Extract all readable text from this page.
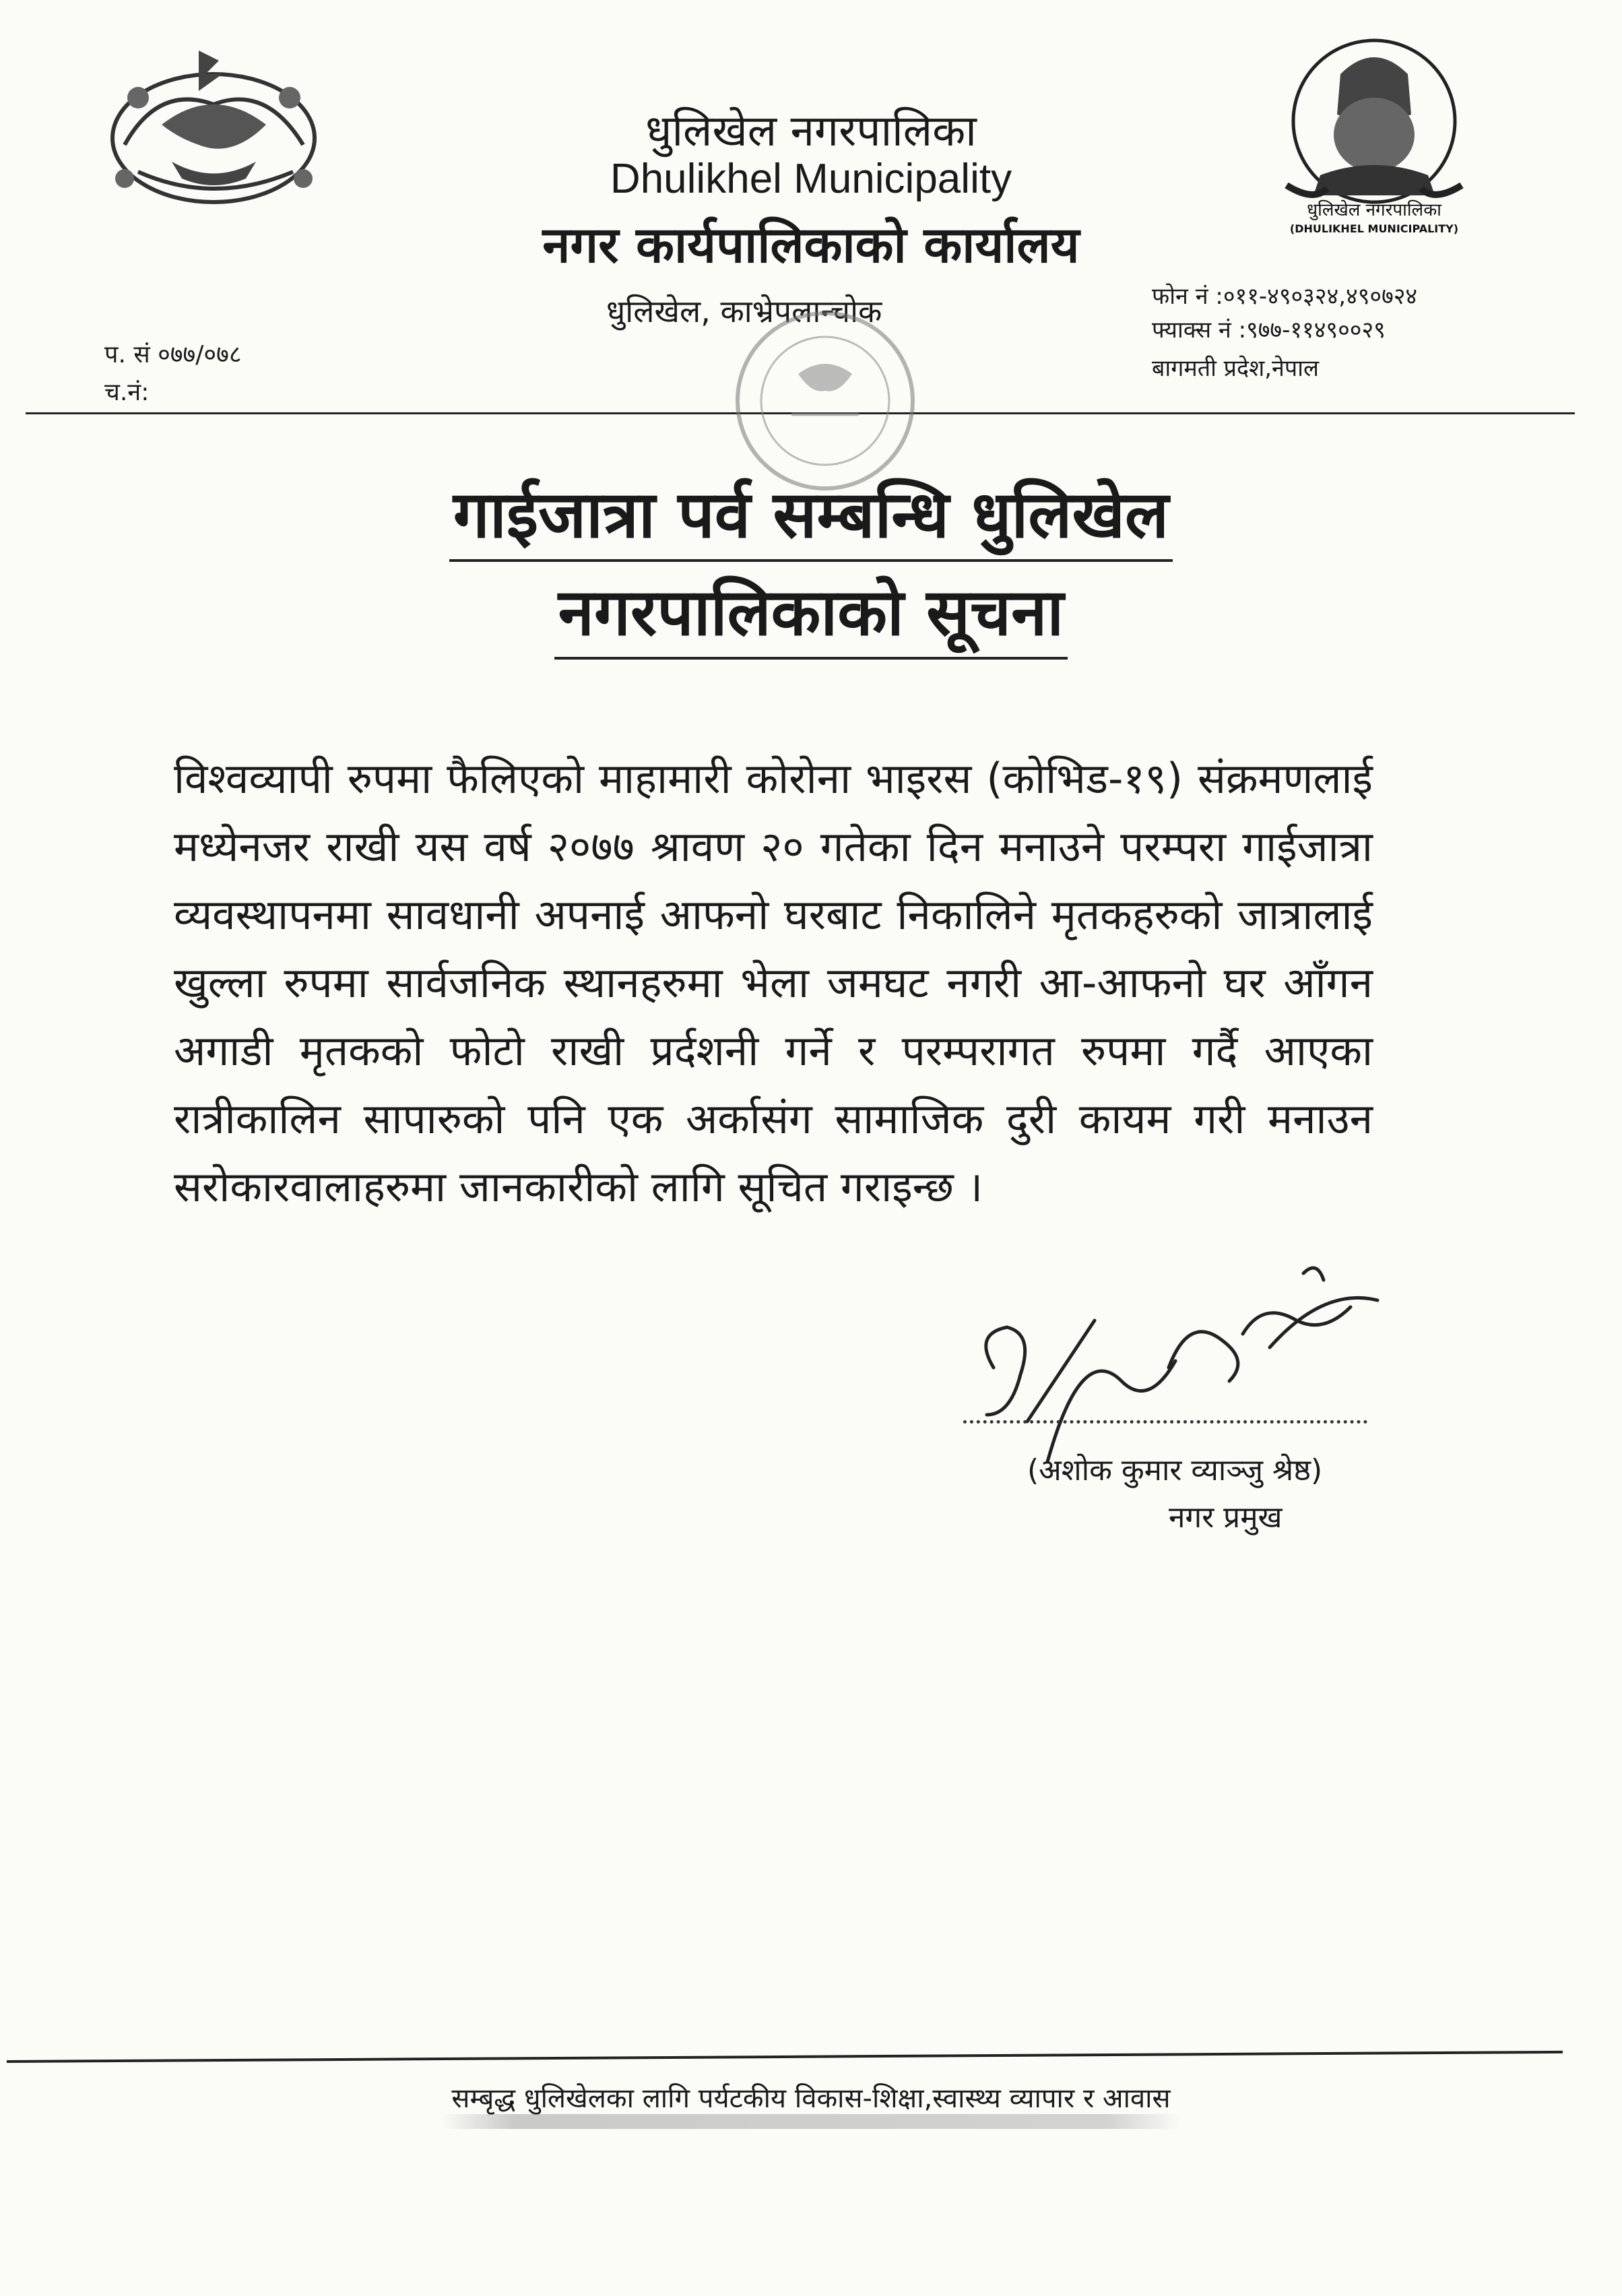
धुलिखेल नगरपालिका
(DHULIKHEL MUNICIPALITY)
धुलिखेल नगरपालिका
Dhulikhel Municipality
नगर कार्यपालिकाको कार्यालय
धुलिखेल, काभ्रेपलान्चोक	फोन नं :०११-४९०३२४,४९०७२४
फ्याक्स नं :९७७-११४९००२९
बागमती प्रदेश,नेपाल
प. सं ०७७/०७८
च.नं:
गाईजात्रा पर्व सम्बन्धि धुलिखेल
नगरपालिकाको सूचना
विश्वव्यापी रुपमा फैलिएको माहामारी कोरोना भाइरस (कोभिड-१९) संक्रमणलाई मध्येनजर राखी यस वर्ष २०७७ श्रावण २० गतेका दिन मनाउने परम्परा गाईजात्रा व्यवस्थापनमा सावधानी अपनाई आफनो घरबाट निकालिने मृतकहरुको जात्रालाई खुल्ला रुपमा सार्वजनिक स्थानहरुमा भेला जमघट नगरी आ-आफनो घर आँगन अगाडी मृतकको फोटो राखी प्रर्दशनी गर्ने र परम्परागत रुपमा गर्दै आएका रात्रीकालिन सापारुको पनि एक अर्कासंग सामाजिक दुरी कायम गरी मनाउन सरोकारवालाहरुमा जानकारीको लागि सूचित गराइन्छ ।
(अशोक कुमार व्याञ्जु श्रेष्ठ)
नगर प्रमुख
सम्बृद्ध धुलिखेलका लागि पर्यटकीय विकास-शिक्षा,स्वास्थ्य व्यापार र आवास
